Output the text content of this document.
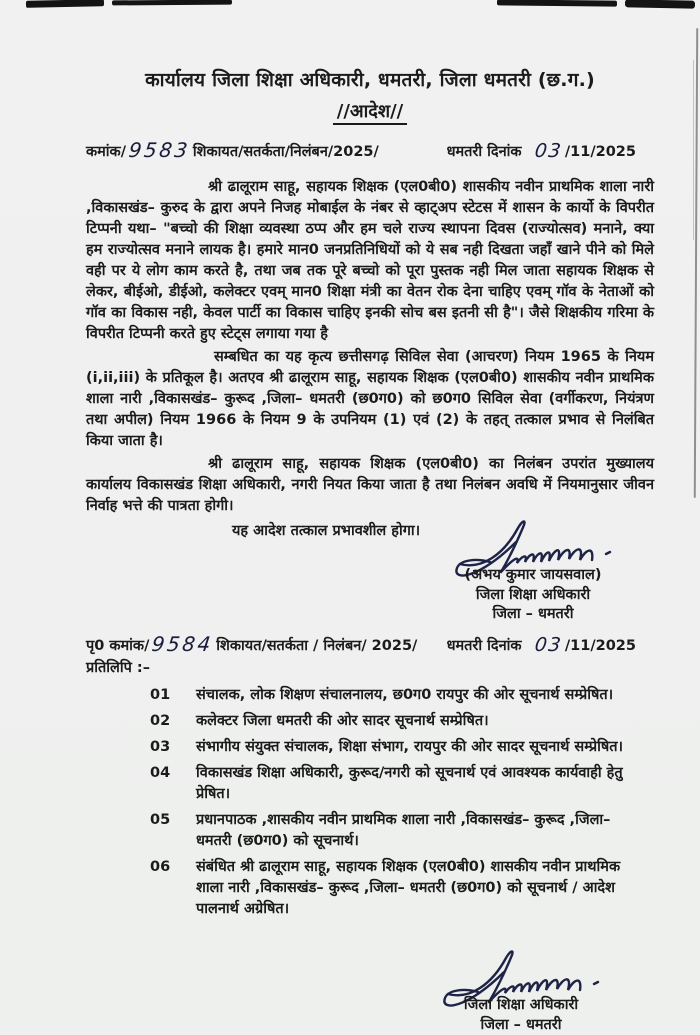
कार्यालय जिला शिक्षा अधिकारी, धमतरी, जिला धमतरी (छ.ग.)
//आदेश//
कमांक/9583 शिकायत/सतर्कता/निलंबन/2025/	धमतरी दिनांक 03 /11/2025

श्री ढालूराम साहू, सहायक शिक्षक (एल0बी0) शासकीय नवीन प्राथमिक शाला नारी ,विकासखंड– कुरुद के द्वारा अपने निजह मोबाईल के नंबर से व्हाट्अप स्टेटस में शासन के कार्यो के विपरीत टिप्पनी यथा– "बच्चो की शिक्षा व्यवस्था ठप्प और हम चले राज्य स्थापना दिवस (राज्योत्सव) मनाने, क्या हम राज्योत्सव मनाने लायक है। हमारे मान0 जनप्रतिनिधियों को ये सब नही दिखता जहाँ खाने पीने को मिले वही पर ये लोग काम करते है, तथा जब तक पूरे बच्चो को पूरा पुस्तक नही मिल जाता सहायक शिक्षक से लेकर, बीईओ, डीईओ, कलेक्टर एवम् मान0 शिक्षा मंत्री का वेतन रोक देना चाहिए एवम् गॉव के नेताओं को गॉव का विकास नही, केवल पार्टी का विकास चाहिए इनकी सोच बस इतनी सी है"। जैसे शिक्षकीय गरिमा के विपरीत टिप्पनी करते हुए स्टेट्स लगाया गया है

सम्बधित का यह कृत्य छत्तीसगढ़ सिविल सेवा (आचरण) नियम 1965 के नियम (i,ii,iii) के प्रतिकूल है। अतएव श्री ढालूराम साहू, सहायक शिक्षक (एल0बी0) शासकीय नवीन प्राथमिक शाला नारी ,विकासखंड– कुरूद ,जिला– धमतरी (छ0ग0) को छ0ग0 सिविल सेवा (वर्गीकरण, नियंत्रण तथा अपील) नियम 1966 के नियम 9 के उपनियम (1) एवं (2) के तहत् तत्काल प्रभाव से निलंबित किया जाता है।

श्री ढालूराम साहू, सहायक शिक्षक (एल0बी0) का निलंबन उपरांत मुख्यालय कार्यालय विकासखंड शिक्षा अधिकारी, नगरी नियत किया जाता है तथा निलंबन अवधि में नियमानुसार जीवन निर्वाह भत्ते की पात्रता होगी।

यह आदेश तत्काल प्रभावशील होगा।

(अभय कुमार जायसवाल)
जिला शिक्षा अधिकारी
जिला – धमतरी
पृ0 कमांक/9584 शिकायत/सतर्कता / निलंबन/ 2025/ धमतरी दिनांक 03 /11/2025
प्रतिलिपि :–
01	संचालक, लोक शिक्षण संचालनालय, छ0ग0 रायपुर की ओर सूचनार्थ सम्प्रेषित।
02	कलेक्टर जिला धमतरी की ओर सादर सूचनार्थ सम्प्रेषित।
03	संभागीय संयुक्त संचालक, शिक्षा संभाग, रायपुर की ओर सादर सूचनार्थ सम्प्रेषित।
04	विकासखंड शिक्षा अधिकारी, कुरूद/नगरी को सूचनार्थ एवं आवश्यक कार्यवाही हेतु प्रेषित।
05	प्रधानपाठक ,शासकीय नवीन प्राथमिक शाला नारी ,विकासखंड– कुरूद ,जिला– धमतरी (छ0ग0) को सूचनार्थ।
06	संबंधित श्री ढालूराम साहू, सहायक शिक्षक (एल0बी0) शासकीय नवीन प्राथमिक शाला नारी ,विकासखंड– कुरूद ,जिला– धमतरी (छ0ग0) को सूचनार्थ / आदेश पालनार्थ अग्रेषित।
जिला शिक्षा अधिकारी
जिला – धमतरी
